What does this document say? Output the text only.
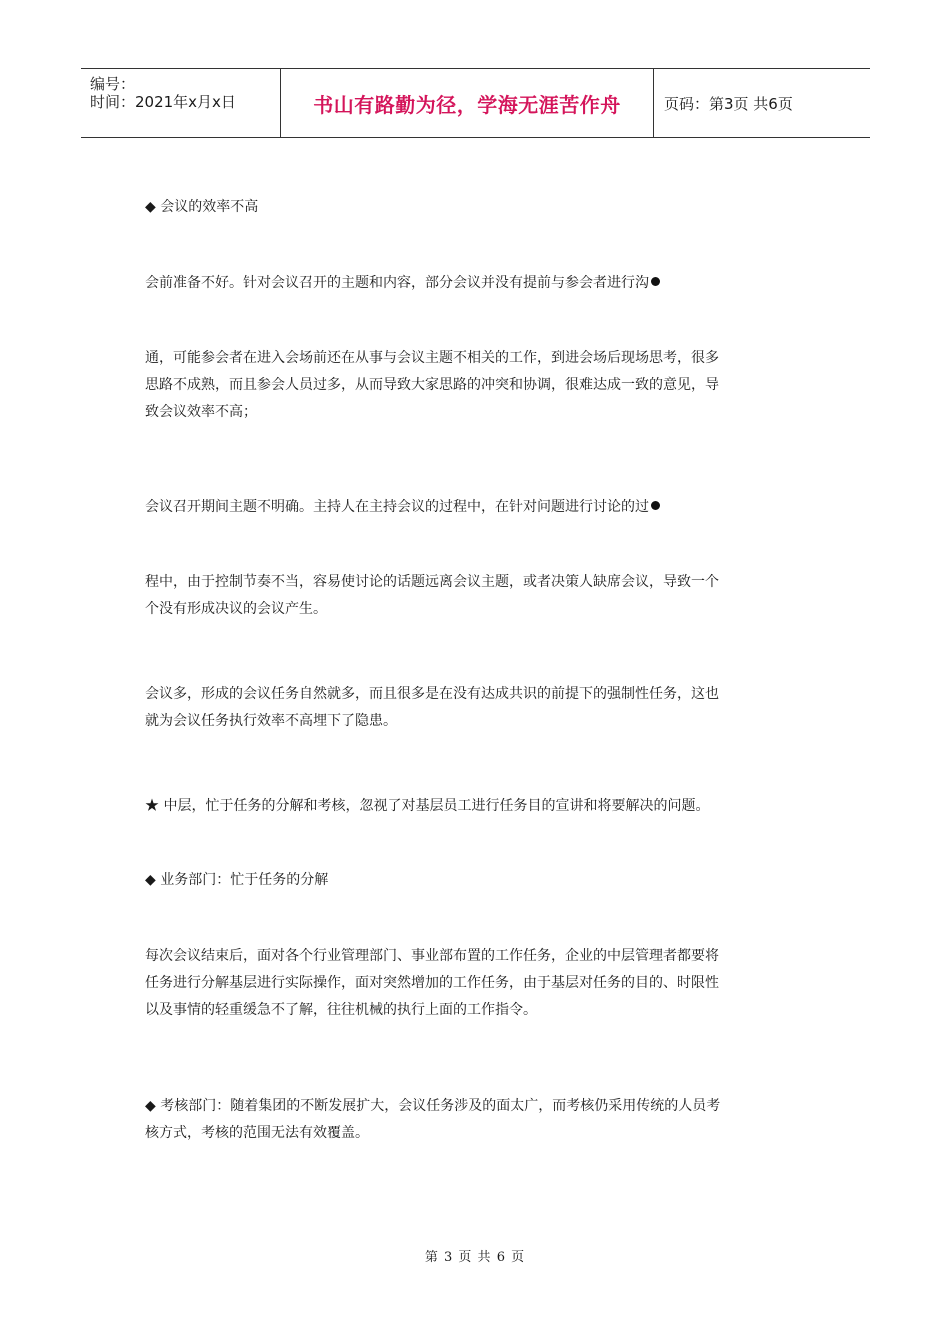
编号：
时间：2021年x月x日	书山有路勤为径，学海无涯苦作舟	页码：第3页 共6页

◆ 会议的效率不高

会前准备不好。针对会议召开的主题和内容，部分会议并没有提前与参会者进行沟

通，可能参会者在进入会场前还在从事与会议主题不相关的工作，到进会场后现场思考，很多
思路不成熟，而且参会人员过多，从而导致大家思路的冲突和协调，很难达成一致的意见，导
致会议效率不高；

会议召开期间主题不明确。主持人在主持会议的过程中，在针对问题进行讨论的过

程中，由于控制节奏不当，容易使讨论的话题远离会议主题，或者决策人缺席会议，导致一个
个没有形成决议的会议产生。

会议多，形成的会议任务自然就多，而且很多是在没有达成共识的前提下的强制性任务，这也
就为会议任务执行效率不高埋下了隐患。

★ 中层，忙于任务的分解和考核，忽视了对基层员工进行任务目的宣讲和将要解决的问题。

◆ 业务部门：忙于任务的分解

每次会议结束后，面对各个行业管理部门、事业部布置的工作任务，企业的中层管理者都要将
任务进行分解基层进行实际操作，面对突然增加的工作任务，由于基层对任务的目的、时限性
以及事情的轻重缓急不了解，往往机械的执行上面的工作指令。

◆ 考核部门：随着集团的不断发展扩大，会议任务涉及的面太广，而考核仍采用传统的人员考
核方式，考核的范围无法有效覆盖。

第 3 页 共 6 页
